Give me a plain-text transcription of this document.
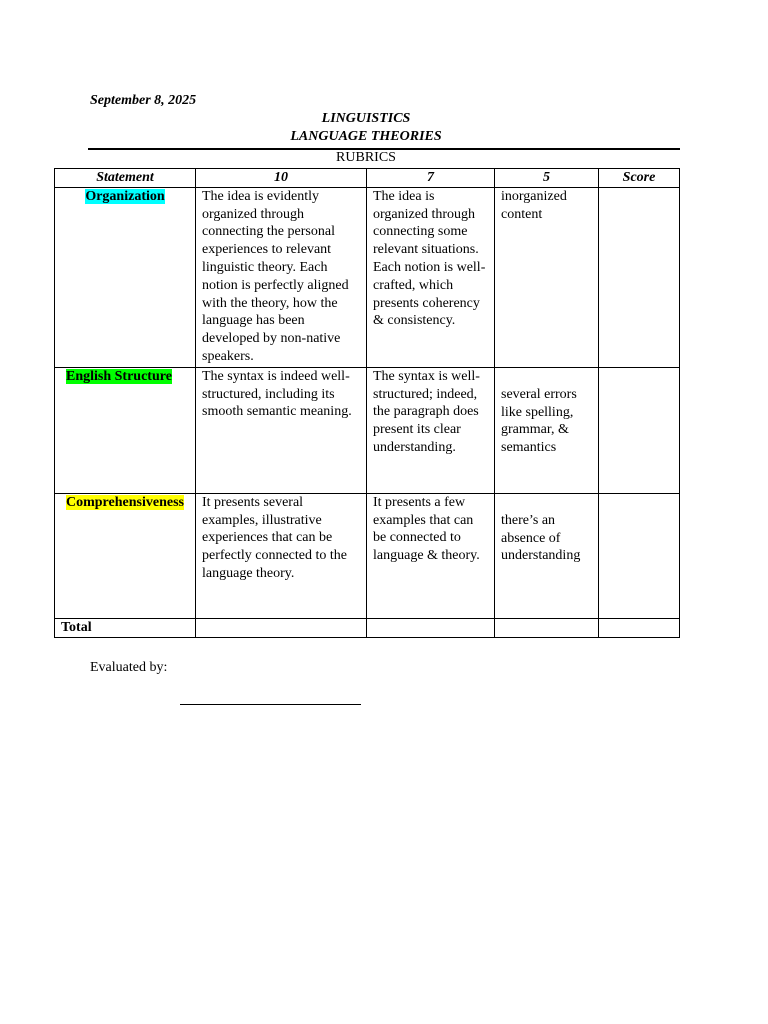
September 8, 2025
LINGUISTICS
LANGUAGE THEORIES
RUBRICS
Statement	10	7	5	Score

Organization	The idea is evidently organized through connecting the personal experiences to relevant linguistic theory. Each notion is perfectly aligned with the theory, how the language has been developed by non-native speakers.	The idea is organized through connecting some relevant situations. Each notion is well-crafted, which presents coherency & consistency.	inorganized content	
English Structure	The syntax is indeed well-structured, including its smooth semantic meaning.	The syntax is well-structured; indeed, the paragraph does present its clear understanding.	several errors like spelling, grammar, & semantics	
Comprehensiveness	It presents several examples, illustrative experiences that can be perfectly connected to the language theory.	It presents a few examples that can be connected to language & theory.	there’s an absence of understanding	
Total				
Evaluated by:
